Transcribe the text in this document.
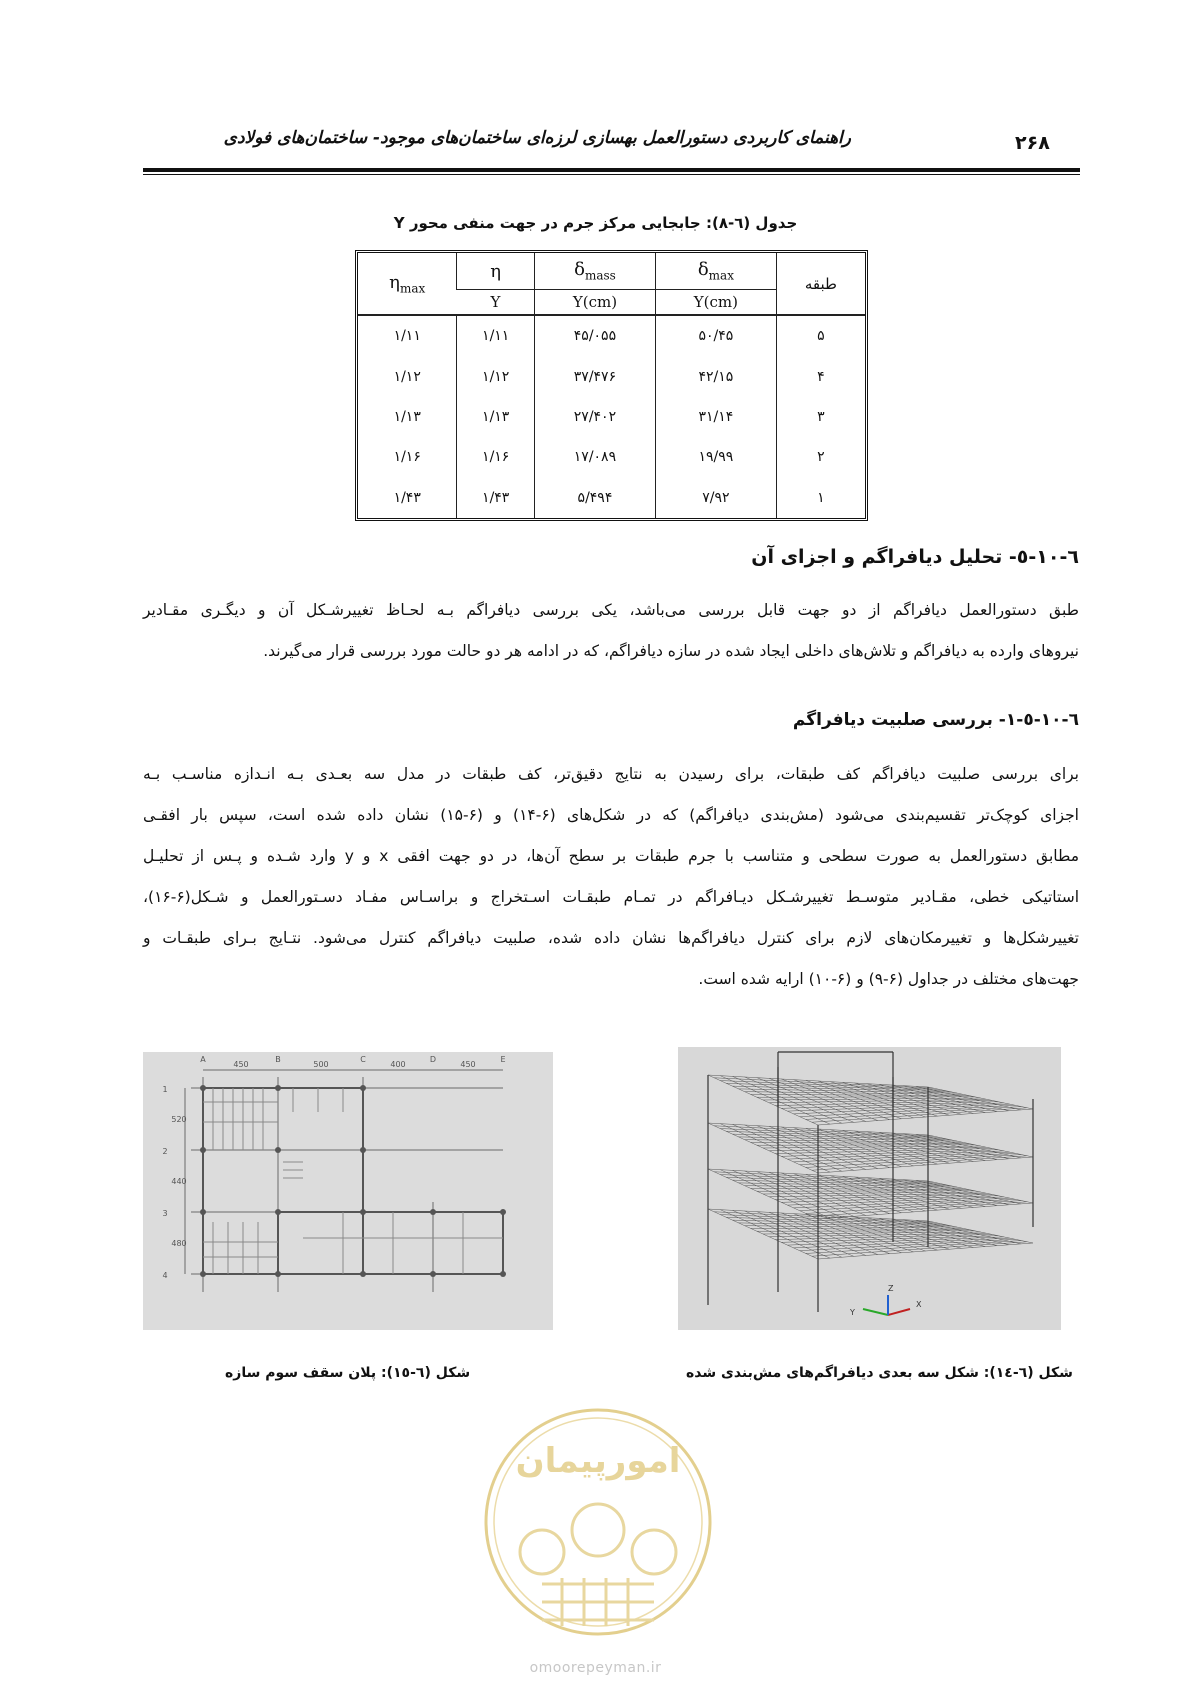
راهنمای کاربردی دستورالعمل بهسازی لرزه‌ای ساختمان‌های موجود- ساختمان‌های فولادی	۲۶۸
جدول (٦-٨): جابجایی مرکز جرم در جهت منفی محور Y
طبقه	$\delta_{max}$	$\delta_{mass}$	η	$\eta_{max}$
	Y(cm)	Y(cm)	Y	
۵	۵۰/۴۵	۴۵/۰۵۵	۱/۱۱	۱/۱۱
۴	۴۲/۱۵	۳۷/۴۷۶	۱/۱۲	۱/۱۲
۳	۳۱/۱۴	۲۷/۴۰۲	۱/۱۳	۱/۱۳
۲	۱۹/۹۹	۱۷/۰۸۹	۱/۱۶	۱/۱۶
۱	۷/۹۲	۵/۴۹۴	۱/۴۳	۱/۴۳
٦-١٠-٥- تحلیل دیافراگم و اجزای آن
طبق دستورالعمل دیافراگم از دو جهت قابل بررسی می‌باشد، یکی بررسی دیافراگم بـه لحـاظ تغییرشـکل آن و دیگـری مقـادیر
نیروهای وارده به دیافراگم و تلاش‌های داخلی ایجاد شده در سازه دیافراگم، که در ادامه هر دو حالت مورد بررسی قرار می‌گیرند.
٦-١٠-٥-١- بررسی صلبیت دیافراگم
برای بررسی صلبیت دیافراگم کف طبقات، برای رسیدن به نتایج دقیق‌تر، کف طبقات در مدل سه بعـدی بـه انـدازه مناسـب بـه
اجزای کوچک‌تر تقسیم‌بندی می‌شود (مش‌بندی دیافراگم) که در شکل‌های (۶-۱۴) و (۶-۱۵) نشان داده شده است، سپس بار افقـی
مطابق دستورالعمل به صورت سطحی و متناسب با جرم طبقات بر سطح آن‌ها، در دو جهت افقی x و y وارد شـده و پـس از تحلیـل
استاتیکی خطی، مقـادیر متوسـط تغییرشـکل دیـافراگم در تمـام طبقـات اسـتخراج و براسـاس مفـاد دسـتورالعمل و شـکل(۶-۱۶)،
تغییرشکل‌ها و تغییرمکان‌های لازم برای کنترل دیافراگم‌ها نشان داده شده، صلبیت دیافراگم کنترل می‌شود. نتـایج بـرای طبقـات و
جهت‌های مختلف در جداول (۶-۹) و (۶-۱۰) ارایه شده است.
A	B	C	D	E
450	500	400	450
1
2
3
4
520
440
480
Y
X
Z
شکل (٦-١٥): پلان سقف سوم سازه	شکل (٦-١٤): شکل سه بعدی دیافراگم‌های مش‌بندی شده
امورپیمان
omoorepeyman.ir
